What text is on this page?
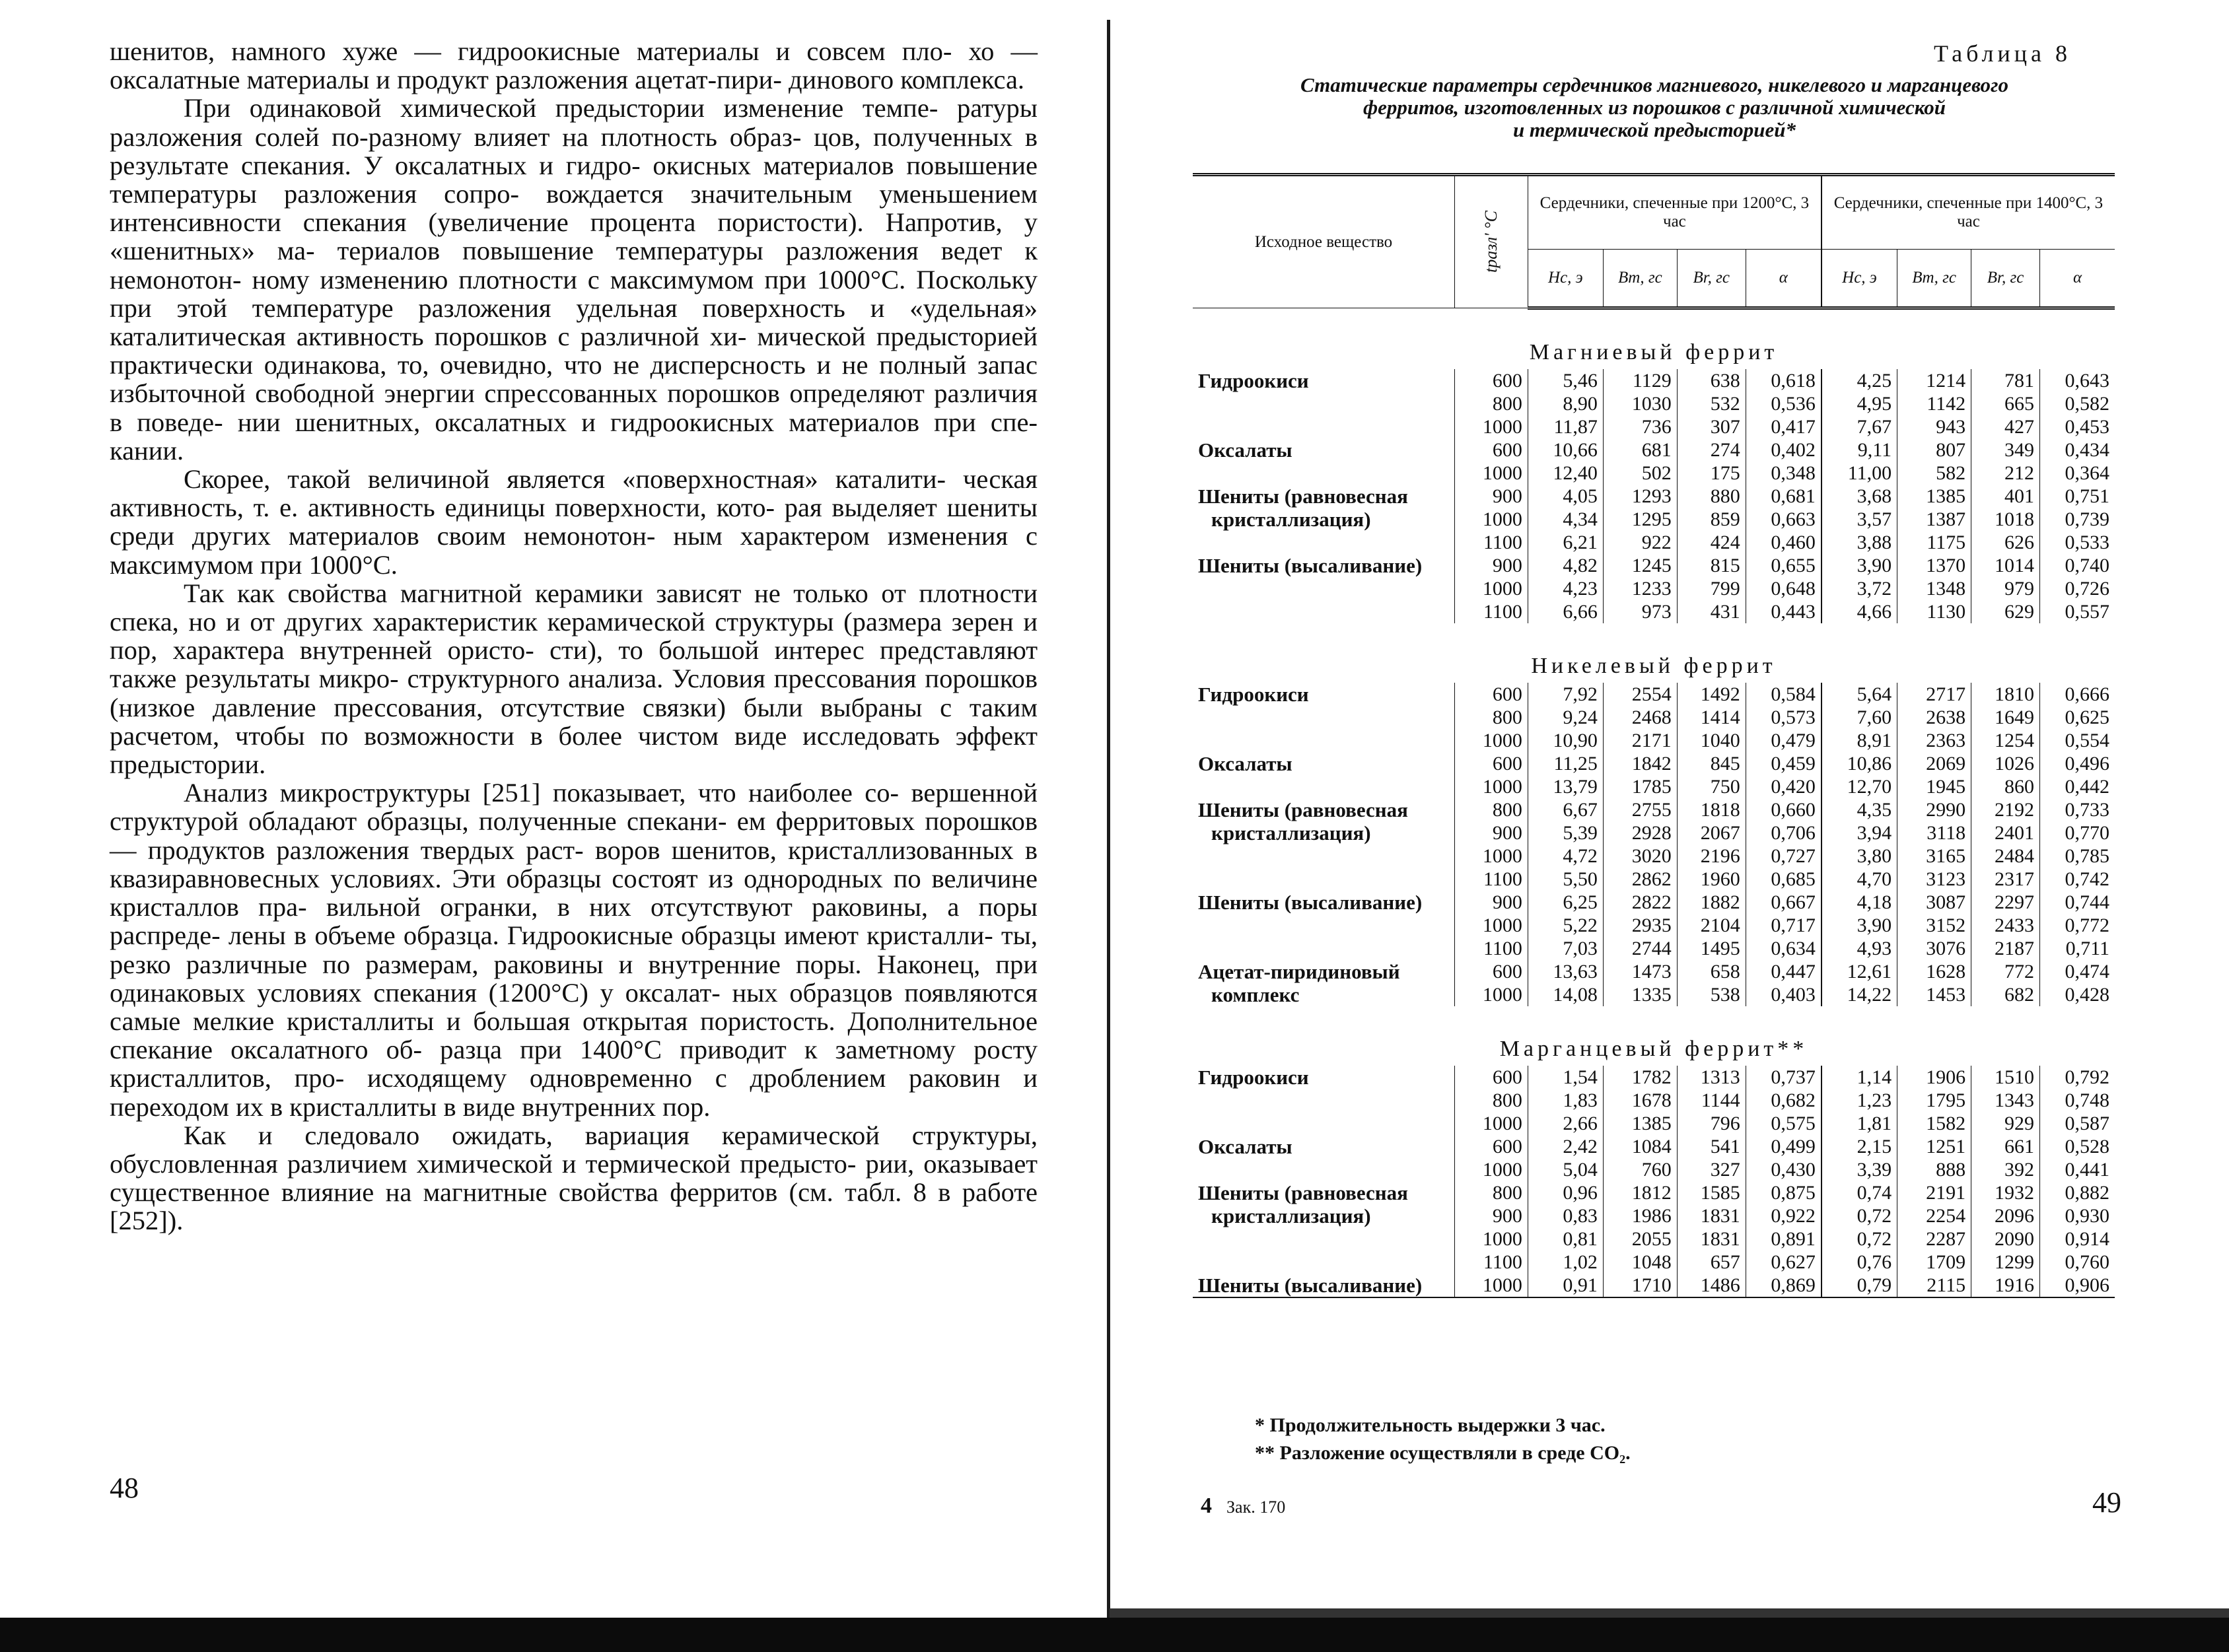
шенитов, намного хуже — гидроокисные материалы и совсем пло- хо — оксалатные материалы и продукт разложения ацетат-пири- динового комплекса.

При одинаковой химической предыстории изменение темпе- ратуры разложения солей по-разному влияет на плотность образ- цов, полученных в результате спекания. У оксалатных и гидро- окисных материалов повышение температуры разложения сопро- вождается значительным уменьшением интенсивности спекания (увеличение процента пористости). Напротив, у «шенитных» ма- териалов повышение температуры разложения ведет к немонотон- ному изменению плотности с максимумом при 1000°С. Поскольку при этой температуре разложения удельная поверхность и «удельная» каталитическая активность порошков с различной хи- мической предысторией практически одинакова, то, очевидно, что не дисперсность и не полный запас избыточной свободной энергии спрессованных порошков определяют различия в поведе- нии шенитных, оксалатных и гидроокисных материалов при спе- кании.

Скорее, такой величиной является «поверхностная» каталити- ческая активность, т. е. активность единицы поверхности, кото- рая выделяет шениты среди других материалов своим немонотон- ным характером изменения с максимумом при 1000°С.

Так как свойства магнитной керамики зависят не только от плотности спека, но и от других характеристик керамической структуры (размера зерен и пор, характера внутренней ористо- сти), то большой интерес представляют также результаты микро- структурного анализа. Условия прессования порошков (низкое давление прессования, отсутствие связки) были выбраны с таким расчетом, чтобы по возможности в более чистом виде исследовать эффект предыстории.

Анализ микроструктуры [251] показывает, что наиболее со- вершенной структурой обладают образцы, полученные спекани- ем ферритовых порошков — продуктов разложения твердых раст- воров шенитов, кристаллизованных в квазиравновесных условиях. Эти образцы состоят из однородных по величине кристаллов пра- вильной огранки, в них отсутствуют раковины, а поры распреде- лены в объеме образца. Гидроокисные образцы имеют кристалли- ты, резко различные по размерам, раковины и внутренние поры. Наконец, при одинаковых условиях спекания (1200°С) у оксалат- ных образцов появляются самые мелкие кристаллиты и большая открытая пористость. Дополнительное спекание оксалатного об- разца при 1400°С приводит к заметному росту кристаллитов, про- исходящему одновременно с дроблением раковин и переходом их в кристаллиты в виде внутренних пор.

Как и следовало ожидать, вариация керамической структуры, обусловленная различием химической и термической предысто- рии, оказывает существенное влияние на магнитные свойства ферритов (см. табл. 8 в работе [252]).

48
Таблица 8
Статические параметры сердечников магниевого, никелевого и марганцевого
ферритов, изготовленных из порошков с различной химической
и термической предысторией*
Исходное вещество	tразл' °C	Сердечники, спеченные при 1200°С, 3 час				Сердечники, спеченные при 1400°С, 3 час			
		Hc, э	Bm, гс	Br, гс	α	Hc, э	Bm, гс	Br, гс	α
Магниевый феррит									
Гидроокиси	600	5,46	1129	638	0,618	4,25	1214	781	0,643
	800	8,90	1030	532	0,536	4,95	1142	665	0,582
	1000	11,87	736	307	0,417	7,67	943	427	0,453
Оксалаты	600	10,66	681	274	0,402	9,11	807	349	0,434
	1000	12,40	502	175	0,348	11,00	582	212	0,364
Шениты (равновесная	900	4,05	1293	880	0,681	3,68	1385	401	0,751
кристаллизация)	1000	4,34	1295	859	0,663	3,57	1387	1018	0,739
	1100	6,21	922	424	0,460	3,88	1175	626	0,533
Шениты (высаливание)	900	4,82	1245	815	0,655	3,90	1370	1014	0,740
	1000	4,23	1233	799	0,648	3,72	1348	979	0,726
	1100	6,66	973	431	0,443	4,66	1130	629	0,557
Никелевый феррит									
Гидроокиси	600	7,92	2554	1492	0,584	5,64	2717	1810	0,666
	800	9,24	2468	1414	0,573	7,60	2638	1649	0,625
	1000	10,90	2171	1040	0,479	8,91	2363	1254	0,554
Оксалаты	600	11,25	1842	845	0,459	10,86	2069	1026	0,496
	1000	13,79	1785	750	0,420	12,70	1945	860	0,442
Шениты (равновесная	800	6,67	2755	1818	0,660	4,35	2990	2192	0,733
кристаллизация)	900	5,39	2928	2067	0,706	3,94	3118	2401	0,770
	1000	4,72	3020	2196	0,727	3,80	3165	2484	0,785
	1100	5,50	2862	1960	0,685	4,70	3123	2317	0,742
Шениты (высаливание)	900	6,25	2822	1882	0,667	4,18	3087	2297	0,744
	1000	5,22	2935	2104	0,717	3,90	3152	2433	0,772
	1100	7,03	2744	1495	0,634	4,93	3076	2187	0,711
Ацетат-пиридиновый	600	13,63	1473	658	0,447	12,61	1628	772	0,474
комплекс	1000	14,08	1335	538	0,403	14,22	1453	682	0,428
Марганцевый феррит**									
Гидроокиси	600	1,54	1782	1313	0,737	1,14	1906	1510	0,792
	800	1,83	1678	1144	0,682	1,23	1795	1343	0,748
	1000	2,66	1385	796	0,575	1,81	1582	929	0,587
Оксалаты	600	2,42	1084	541	0,499	2,15	1251	661	0,528
	1000	5,04	760	327	0,430	3,39	888	392	0,441
Шениты (равновесная	800	0,96	1812	1585	0,875	0,74	2191	1932	0,882
кристаллизация)	900	0,83	1986	1831	0,922	0,72	2254	2096	0,930
	1000	0,81	2055	1831	0,891	0,72	2287	2090	0,914
	1100	1,02	1048	657	0,627	0,76	1709	1299	0,760
Шениты (высаливание)	1000	0,91	1710	1486	0,869	0,79	2115	1916	0,906
* Продолжительность выдержки 3 час.
** Разложение осуществляли в среде CO₂.
4 Зак. 170	49
